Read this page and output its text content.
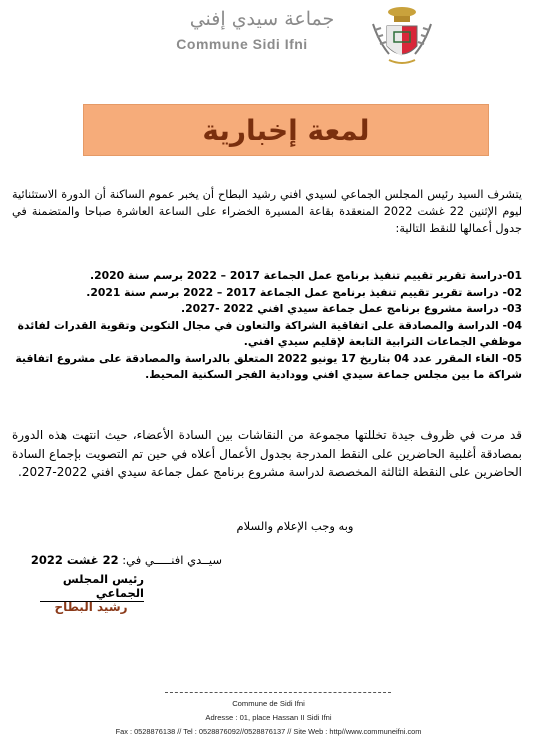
جماعة سيدي إفني
Commune Sidi Ifni
لمعة إخبارية
يتشرف السيد رئيس المجلس الجماعي لسيدي افني رشيد البطاح أن يخبر عموم الساكنة أن الدورة الاستثنائية ليوم الإثنين 22 غشت 2022 المنعقدة بقاعة المسيرة الخضراء على الساعة العاشرة صباحا والمتضمنة في جدول أعمالها للنقط التالية:

01-دراسة تقرير تقييم تنفيذ برنامج عمل الجماعة 2017 – 2022 برسم سنة 2020.

02- دراسة تقرير تقييم تنفيذ برنامج عمل الجماعة 2017 – 2022 برسم سنة 2021.

03- دراسة مشروع برنامج عمل جماعة سيدي افني 2022 -2027.

04- الدراسة والمصادقة على اتفاقية الشراكة والتعاون في مجال التكوين وتقوية القدرات لفائدة موظفي الجماعات الترابية التابعة لإقليم سيدي افني.

05- الغاء المقرر عدد 04 بتاريخ 17 يونيو 2022 المتعلق بالدراسة والمصادقة على مشروع اتفاقية شراكة ما بين مجلس جماعة سيدي افني وودادية الفجر السكنية المحيط.

قد مرت في ظروف جيدة تخللتها مجموعة من النقاشات بين السادة الأعضاء، حيث انتهت هذه الدورة بمصادقة أغلبية الحاضرين على النقط المدرجة بجدول الأعمال أعلاه في حين تم التصويت بإجماع السادة الحاضرين على النقطة الثالثة المخصصة لدراسة مشروع برنامج عمل جماعة سيدي افني 2022-2027.
وبه وجب الإعلام والسلام
سيــدي افنـــــي في: 22 غشت 2022
رئيس المجلس الجماعي
رشيد البطاح
Commune de Sidi Ifni
Adresse : 01, place Hassan II Sidi Ifni
Fax : 0528876138 // Tel : 0528876092//0528876137 // Site Web : http//www.communeifni.com
